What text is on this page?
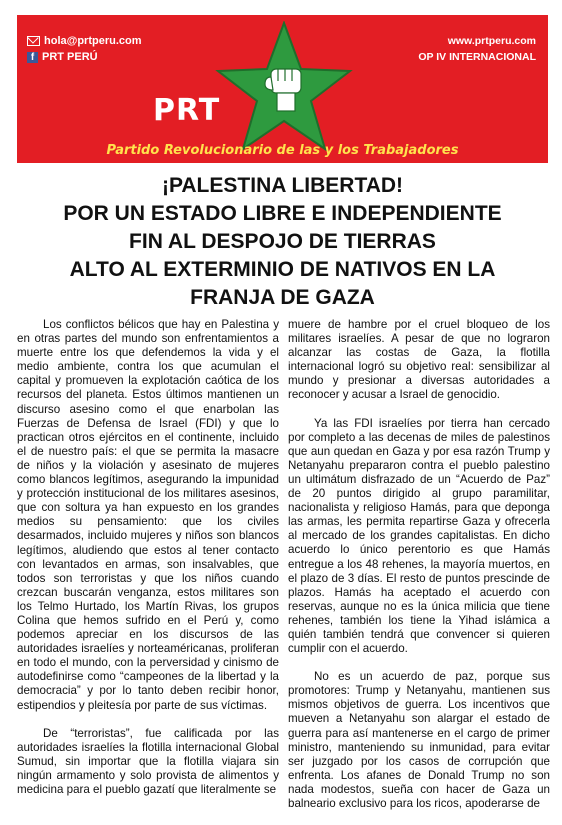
hola@prtperu.com
f PRT PERÚ
PRT
www.prtperu.com
OP IV INTERNACIONAL
Partido Revolucionario de las y los Trabajadores
¡PALESTINA LIBERTAD!
POR UN ESTADO LIBRE E INDEPENDIENTE
FIN AL DESPOJO DE TIERRAS
ALTO AL EXTERMINIO DE NATIVOS EN LA
FRANJA DE GAZA

Los conflictos bélicos que hay en Palestina y en otras partes del mundo son enfrentamientos a muerte entre los que defendemos la vida y el medio ambiente, contra los que acumulan el capital y promueven la explotación caótica de los recursos del planeta. Estos últimos mantienen un discurso asesino como el que enarbolan las Fuerzas de Defensa de Israel (FDI) y que lo practican otros ejércitos en el continente, incluido el de nuestro país: el que se permita la masacre de niños y la violación y asesinato de mujeres como blancos legítimos, asegurando la impunidad y protección institucional de los militares asesinos, que con soltura ya han expuesto en los grandes medios su pensamiento: que los civiles desarmados, incluido mujeres y niños son blancos legítimos, aludiendo que estos al tener contacto con levantados en armas, son insalvables, que todos son terroristas y que los niños cuando crezcan buscarán venganza, estos militares son los Telmo Hurtado, los Martín Rivas, los grupos Colina que hemos sufrido en el Perú y, como podemos apreciar en los discursos de las autoridades israelíes y norteaméricanas, proliferan en todo el mundo, con la perversidad y cinismo de autodefinirse como “campeones de la libertad y la democracia” y por lo tanto deben recibir honor, estipendios y pleitesía por parte de sus víctimas.

De “terroristas”, fue calificada por las autoridades israelíes la flotilla internacional Global Sumud, sin importar que la flotilla viajara sin ningún armamento y solo provista de alimentos y medicina para el pueblo gazatí que literalmente se

muere de hambre por el cruel bloqueo de los militares israelíes. A pesar de que no lograron alcanzar las costas de Gaza, la flotilla internacional logró su objetivo real: sensibilizar al mundo y presionar a diversas autoridades a reconocer y acusar a Israel de genocidio.

Ya las FDI israelíes por tierra han cercado por completo a las decenas de miles de palestinos que aun quedan en Gaza y por esa razón Trump y Netanyahu prepararon contra el pueblo palestino un ultimátum disfrazado de un “Acuerdo de Paz” de 20 puntos dirigido al grupo paramilitar, nacionalista y religioso Hamás, para que deponga las armas, les permita repartirse Gaza y ofrecerla al mercado de los grandes capitalistas. En dicho acuerdo lo único perentorio es que Hamás entregue a los 48 rehenes, la mayoría muertos, en el plazo de 3 días. El resto de puntos prescinde de plazos. Hamás ha aceptado el acuerdo con reservas, aunque no es la única milicia que tiene rehenes, también los tiene la Yihad islámica a quién también tendrá que convencer si quieren cumplir con el acuerdo.

No es un acuerdo de paz, porque sus promotores: Trump y Netanyahu, mantienen sus mismos objetivos de guerra. Los incentivos que mueven a Netanyahu son alargar el estado de guerra para así mantenerse en el cargo de primer ministro, manteniendo su inmunidad, para evitar ser juzgado por los casos de corrupción que enfrenta. Los afanes de Donald Trump no son nada modestos, sueña con hacer de Gaza un balneario exclusivo para los ricos, apoderarse de
